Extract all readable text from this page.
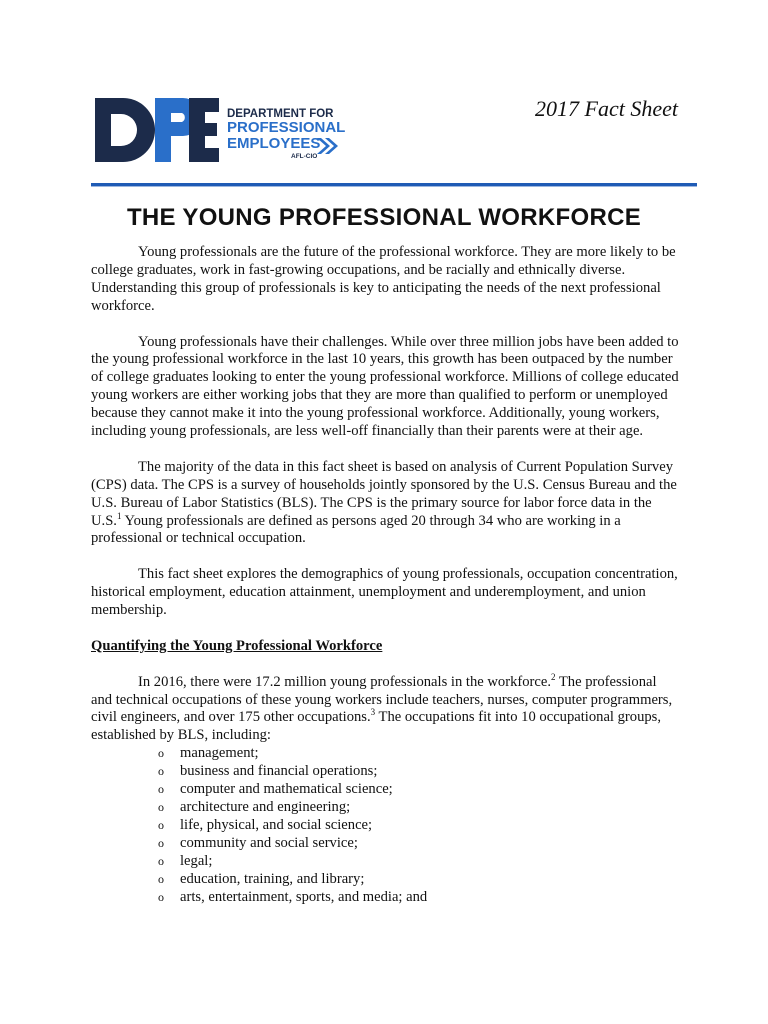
DEPARTMENT FOR
PROFESSIONAL
EMPLOYEES
AFL-CIO
2017 Fact Sheet
THE YOUNG PROFESSIONAL WORKFORCE

Young professionals are the future of the professional workforce. They are more likely to be college graduates, work in fast-growing occupations, and be racially and ethnically diverse. Understanding this group of professionals is key to anticipating the needs of the next professional workforce.

Young professionals have their challenges. While over three million jobs have been added to the young professional workforce in the last 10 years, this growth has been outpaced by the number of college graduates looking to enter the young professional workforce. Millions of college educated young workers are either working jobs that they are more than qualified to perform or unemployed because they cannot make it into the young professional workforce. Additionally, young workers, including young professionals, are less well-off financially than their parents were at their age.

The majority of the data in this fact sheet is based on analysis of Current Population Survey (CPS) data. The CPS is a survey of households jointly sponsored by the U.S. Census Bureau and the U.S. Bureau of Labor Statistics (BLS). The CPS is the primary source for labor force data in the U.S.$^1$ Young professionals are defined as persons aged 20 through 34 who are working in a professional or technical occupation.

This fact sheet explores the demographics of young professionals, occupation concentration, historical employment, education attainment, unemployment and underemployment, and union membership.

Quantifying the Young Professional Workforce

In 2016, there were 17.2 million young professionals in the workforce.$^2$ The professional and technical occupations of these young workers include teachers, nurses, computer programmers, civil engineers, and over 175 other occupations.$^3$ The occupations fit into 10 occupational groups, established by BLS, including:

o management;
o business and financial operations;
o computer and mathematical science;
o architecture and engineering;
o life, physical, and social science;
o community and social service;
o legal;
o education, training, and library;
o arts, entertainment, sports, and media; and
